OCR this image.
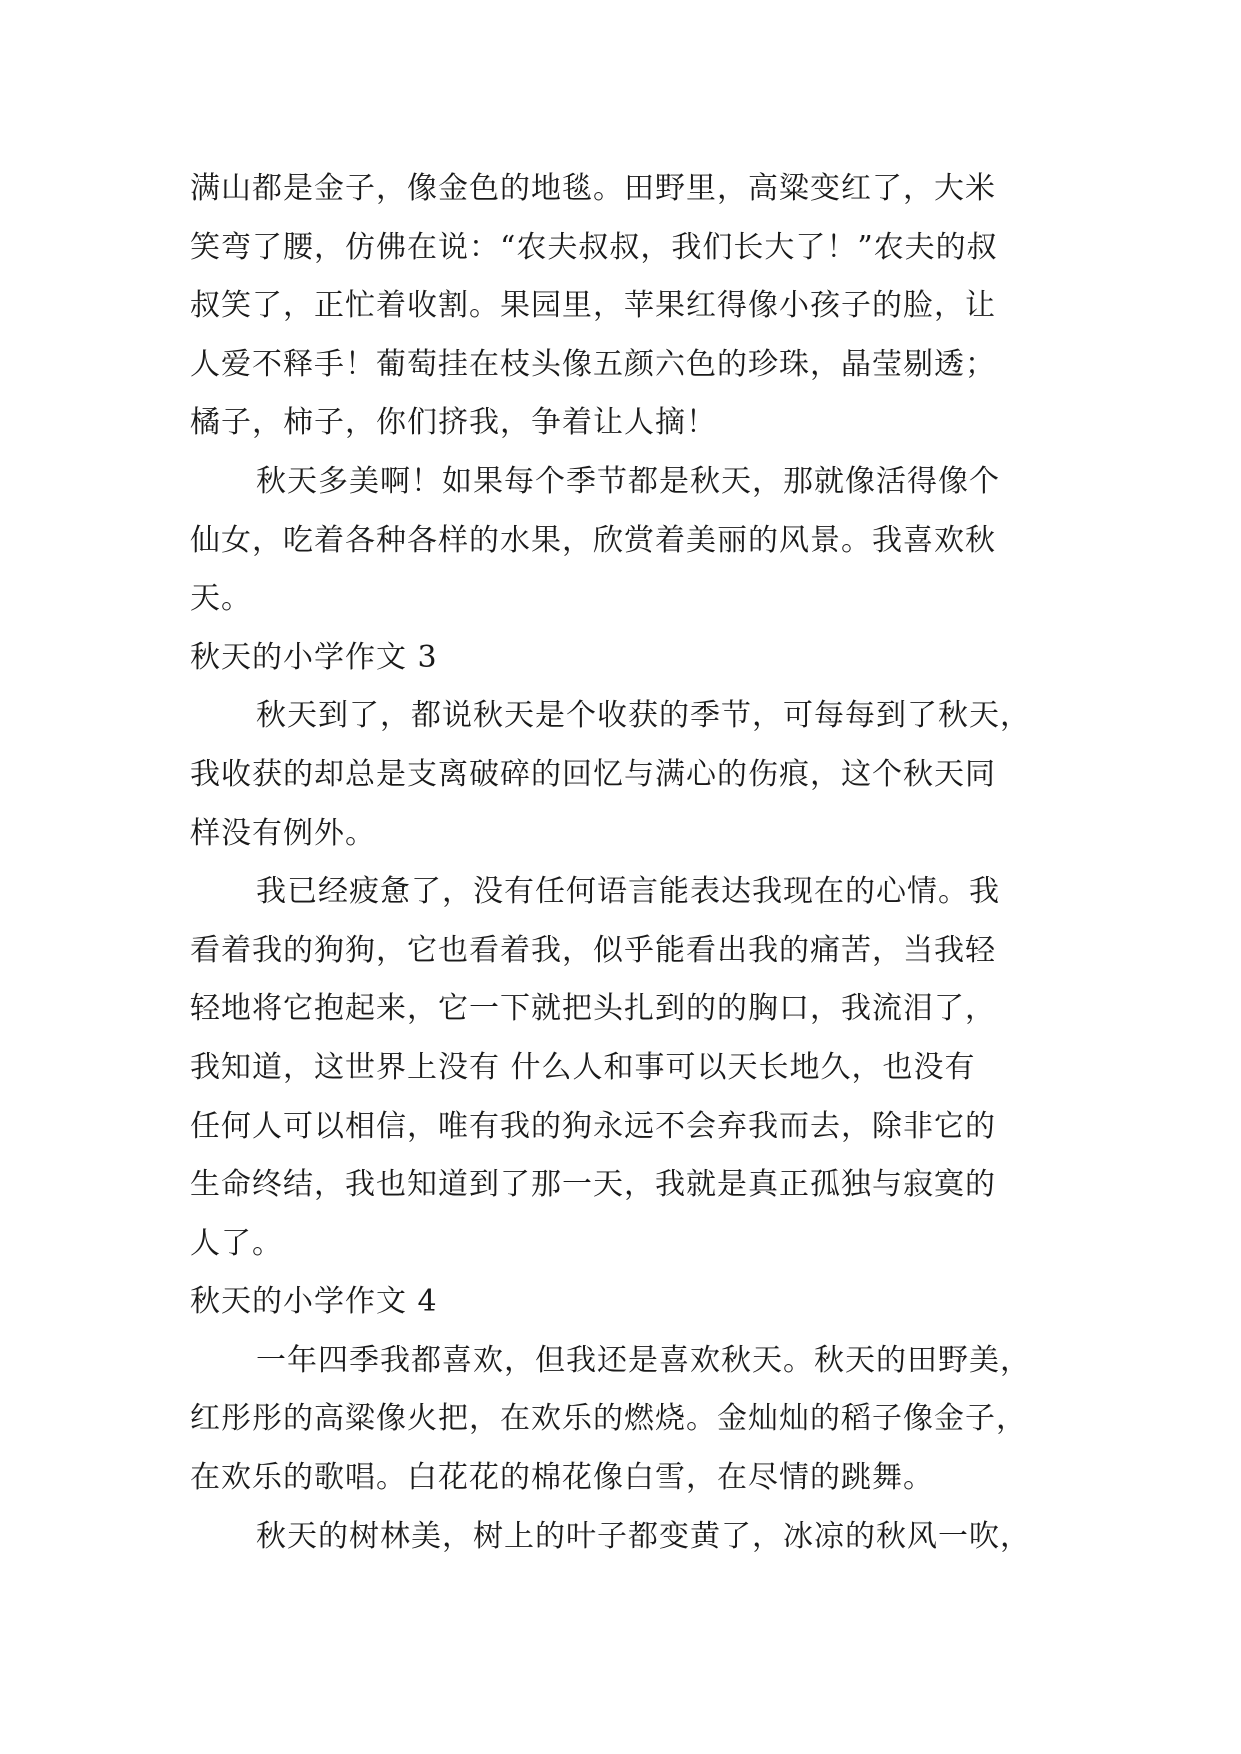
满山都是金子，像金色的地毯。田野里，高粱变红了，大米
笑弯了腰，仿佛在说：“农夫叔叔，我们长大了！”农夫的叔
叔笑了，正忙着收割。果园里，苹果红得像小孩子的脸，让
人爱不释手！葡萄挂在枝头像五颜六色的珍珠，晶莹剔透；
橘子，柿子，你们挤我，争着让人摘！
秋天多美啊！如果每个季节都是秋天，那就像活得像个
仙女，吃着各种各样的水果，欣赏着美丽的风景。我喜欢秋
天。
秋天的小学作文 3
秋天到了，都说秋天是个收获的季节，可每每到了秋天，
我收获的却总是支离破碎的回忆与满心的伤痕，这个秋天同
样没有例外。
我已经疲惫了，没有任何语言能表达我现在的心情。我
看着我的狗狗，它也看着我，似乎能看出我的痛苦，当我轻
轻地将它抱起来，它一下就把头扎到的的胸口，我流泪了，
我知道，这世界上没有 什么人和事可以天长地久，也没有
任何人可以相信，唯有我的狗永远不会弃我而去，除非它的
生命终结，我也知道到了那一天，我就是真正孤独与寂寞的
人了。
秋天的小学作文 4
一年四季我都喜欢，但我还是喜欢秋天。秋天的田野美，
红彤彤的高粱像火把，在欢乐的燃烧。金灿灿的稻子像金子，
在欢乐的歌唱。白花花的棉花像白雪，在尽情的跳舞。
秋天的树林美，树上的叶子都变黄了，冰凉的秋风一吹，
